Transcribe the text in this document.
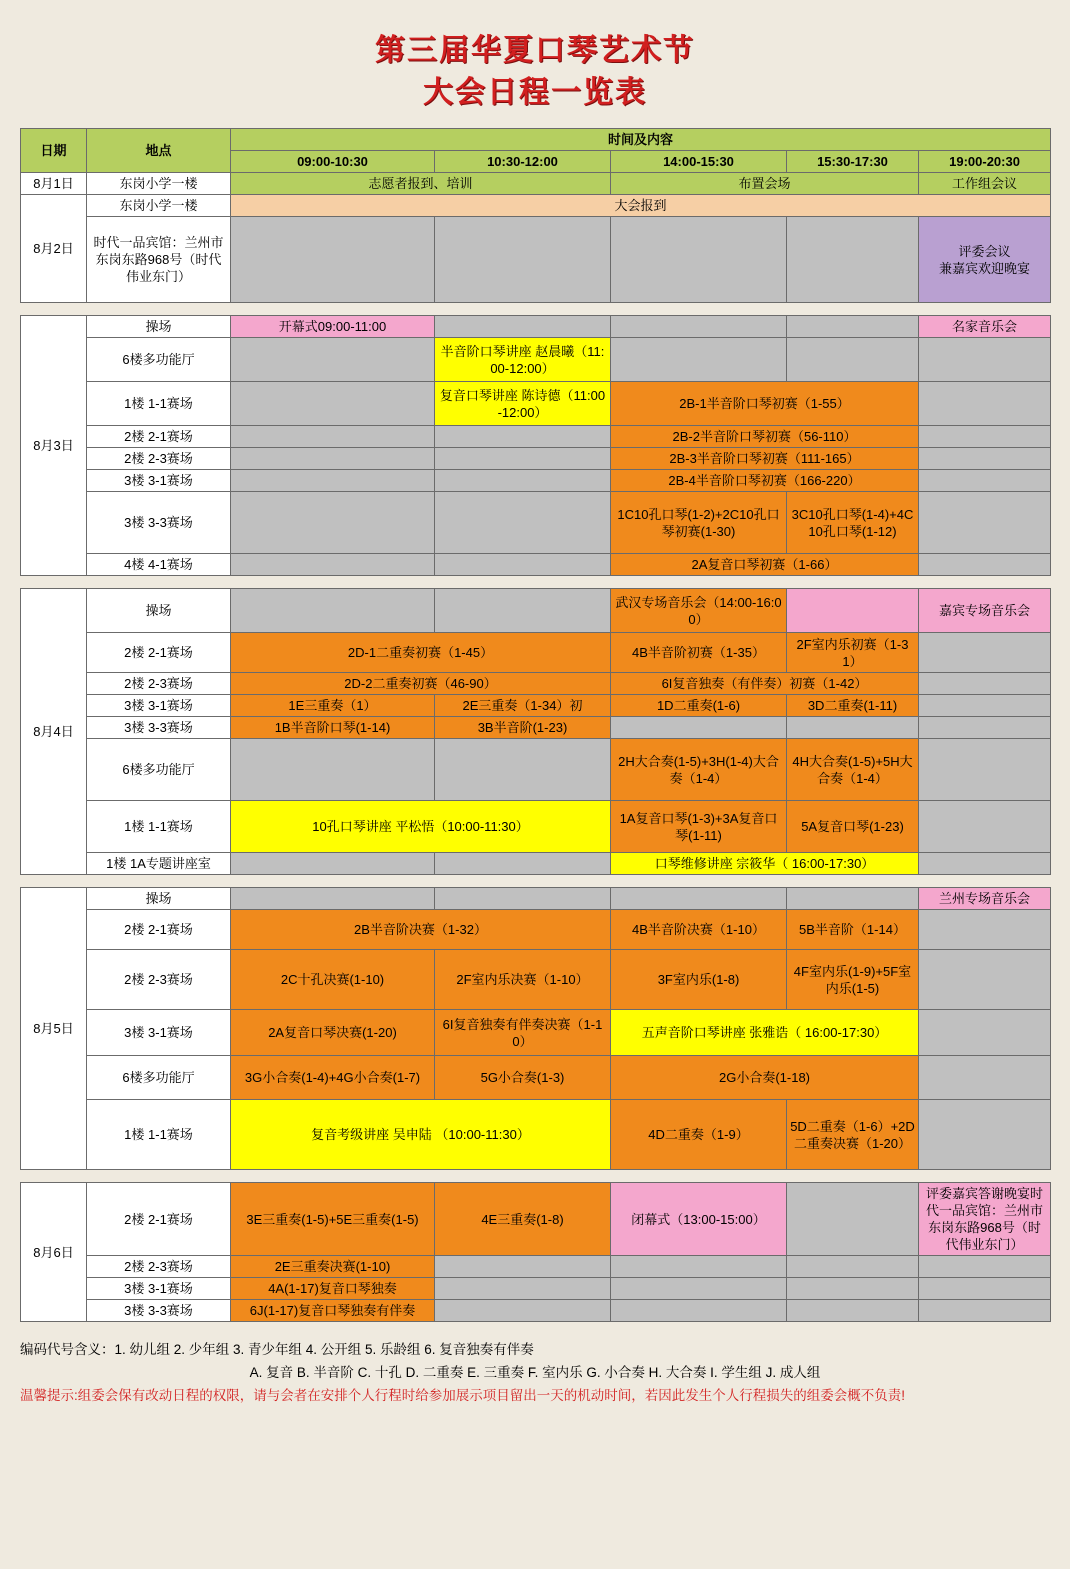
第三届华夏口琴艺术节
大会日程一览表
日期	地点	时间及内容				
		09:00-10:30	10:30-12:00	14:00-15:30	15:30-17:30	19:00-20:30
8月1日	东岗小学一楼	志愿者报到、培训		布置会场		工作组会议
8月2日	东岗小学一楼	大会报到				
	时代一品宾馆：兰州市东岗东路968号（时代伟业东门）					评委会议
兼嘉宾欢迎晚宴
8月3日	操场	开幕式09:00-11:00				名家音乐会
	6楼多功能厅		半音阶口琴讲座 赵晨曦（11:00-12:00）			
	1楼 1-1赛场		复音口琴讲座 陈诗德（11:00-12:00）	2B-1半音阶口琴初赛（1-55）		
	2楼 2-1赛场			2B-2半音阶口琴初赛（56-110）		
	2楼 2-3赛场			2B-3半音阶口琴初赛（111-165）		
	3楼 3-1赛场			2B-4半音阶口琴初赛（166-220）		
	3楼 3-3赛场			1C10孔口琴(1-2)+2C10孔口琴初赛(1-30)	3C10孔口琴(1-4)+4C10孔口琴(1-12)	
	4楼 4-1赛场			2A复音口琴初赛（1-66）		
8月4日	操场			武汉专场音乐会（14:00-16:00）		嘉宾专场音乐会
	2楼 2-1赛场	2D-1二重奏初赛（1-45）		4B半音阶初赛（1-35）	2F室内乐初赛（1-31）	
	2楼 2-3赛场	2D-2二重奏初赛（46-90）		6I复音独奏（有伴奏）初赛（1-42）		
	3楼 3-1赛场	1E三重奏（1）	2E三重奏（1-34）初	1D二重奏(1-6)	3D二重奏(1-11)	
	3楼 3-3赛场	1B半音阶口琴(1-14)	3B半音阶(1-23)			
	6楼多功能厅			2H大合奏(1-5)+3H(1-4)大合奏（1-4）	4H大合奏(1-5)+5H大合奏（1-4）	
	1楼 1-1赛场	10孔口琴讲座 平松悟（10:00-11:30）		1A复音口琴(1-3)+3A复音口琴(1-11)	5A复音口琴(1-23)	
	1楼 1A专题讲座室			口琴维修讲座 宗筱华（ 16:00-17:30）		
8月5日	操场					兰州专场音乐会
	2楼 2-1赛场	2B半音阶决赛（1-32）		4B半音阶决赛（1-10）	5B半音阶（1-14）	
	2楼 2-3赛场	2C十孔决赛(1-10)	2F室内乐决赛（1-10）	3F室内乐(1-8)	4F室内乐(1-9)+5F室内乐(1-5)	
	3楼 3-1赛场	2A复音口琴决赛(1-20)	6I复音独奏有伴奏决赛（1-10）	五声音阶口琴讲座 张雅诰（ 16:00-17:30）		
	6楼多功能厅	3G小合奏(1-4)+4G小合奏(1-7)	5G小合奏(1-3)	2G小合奏(1-18)		
	1楼 1-1赛场	复音考级讲座 吴申陆 （10:00-11:30）		4D二重奏（1-9）	5D二重奏（1-6）+2D二重奏决赛（1-20）	
8月6日	2楼 2-1赛场	3E三重奏(1-5)+5E三重奏(1-5)	4E三重奏(1-8)	闭幕式（13:00-15:00）		评委嘉宾答谢晚宴时代一品宾馆：兰州市东岗东路968号（时代伟业东门）
	2楼 2-3赛场	2E三重奏决赛(1-10)				
	3楼 3-1赛场	4A(1-17)复音口琴独奏				
	3楼 3-3赛场	6J(1-17)复音口琴独奏有伴奏				
编码代号含义：1. 幼儿组 2. 少年组 3. 青少年组 4. 公开组 5. 乐龄组 6. 复音独奏有伴奏
A. 复音 B. 半音阶 C. 十孔 D. 二重奏 E. 三重奏 F. 室内乐 G. 小合奏 H. 大合奏 I. 学生组 J. 成人组
温馨提示:组委会保有改动日程的权限，请与会者在安排个人行程时给参加展示项目留出一天的机动时间，若因此发生个人行程损失的组委会概不负责!
